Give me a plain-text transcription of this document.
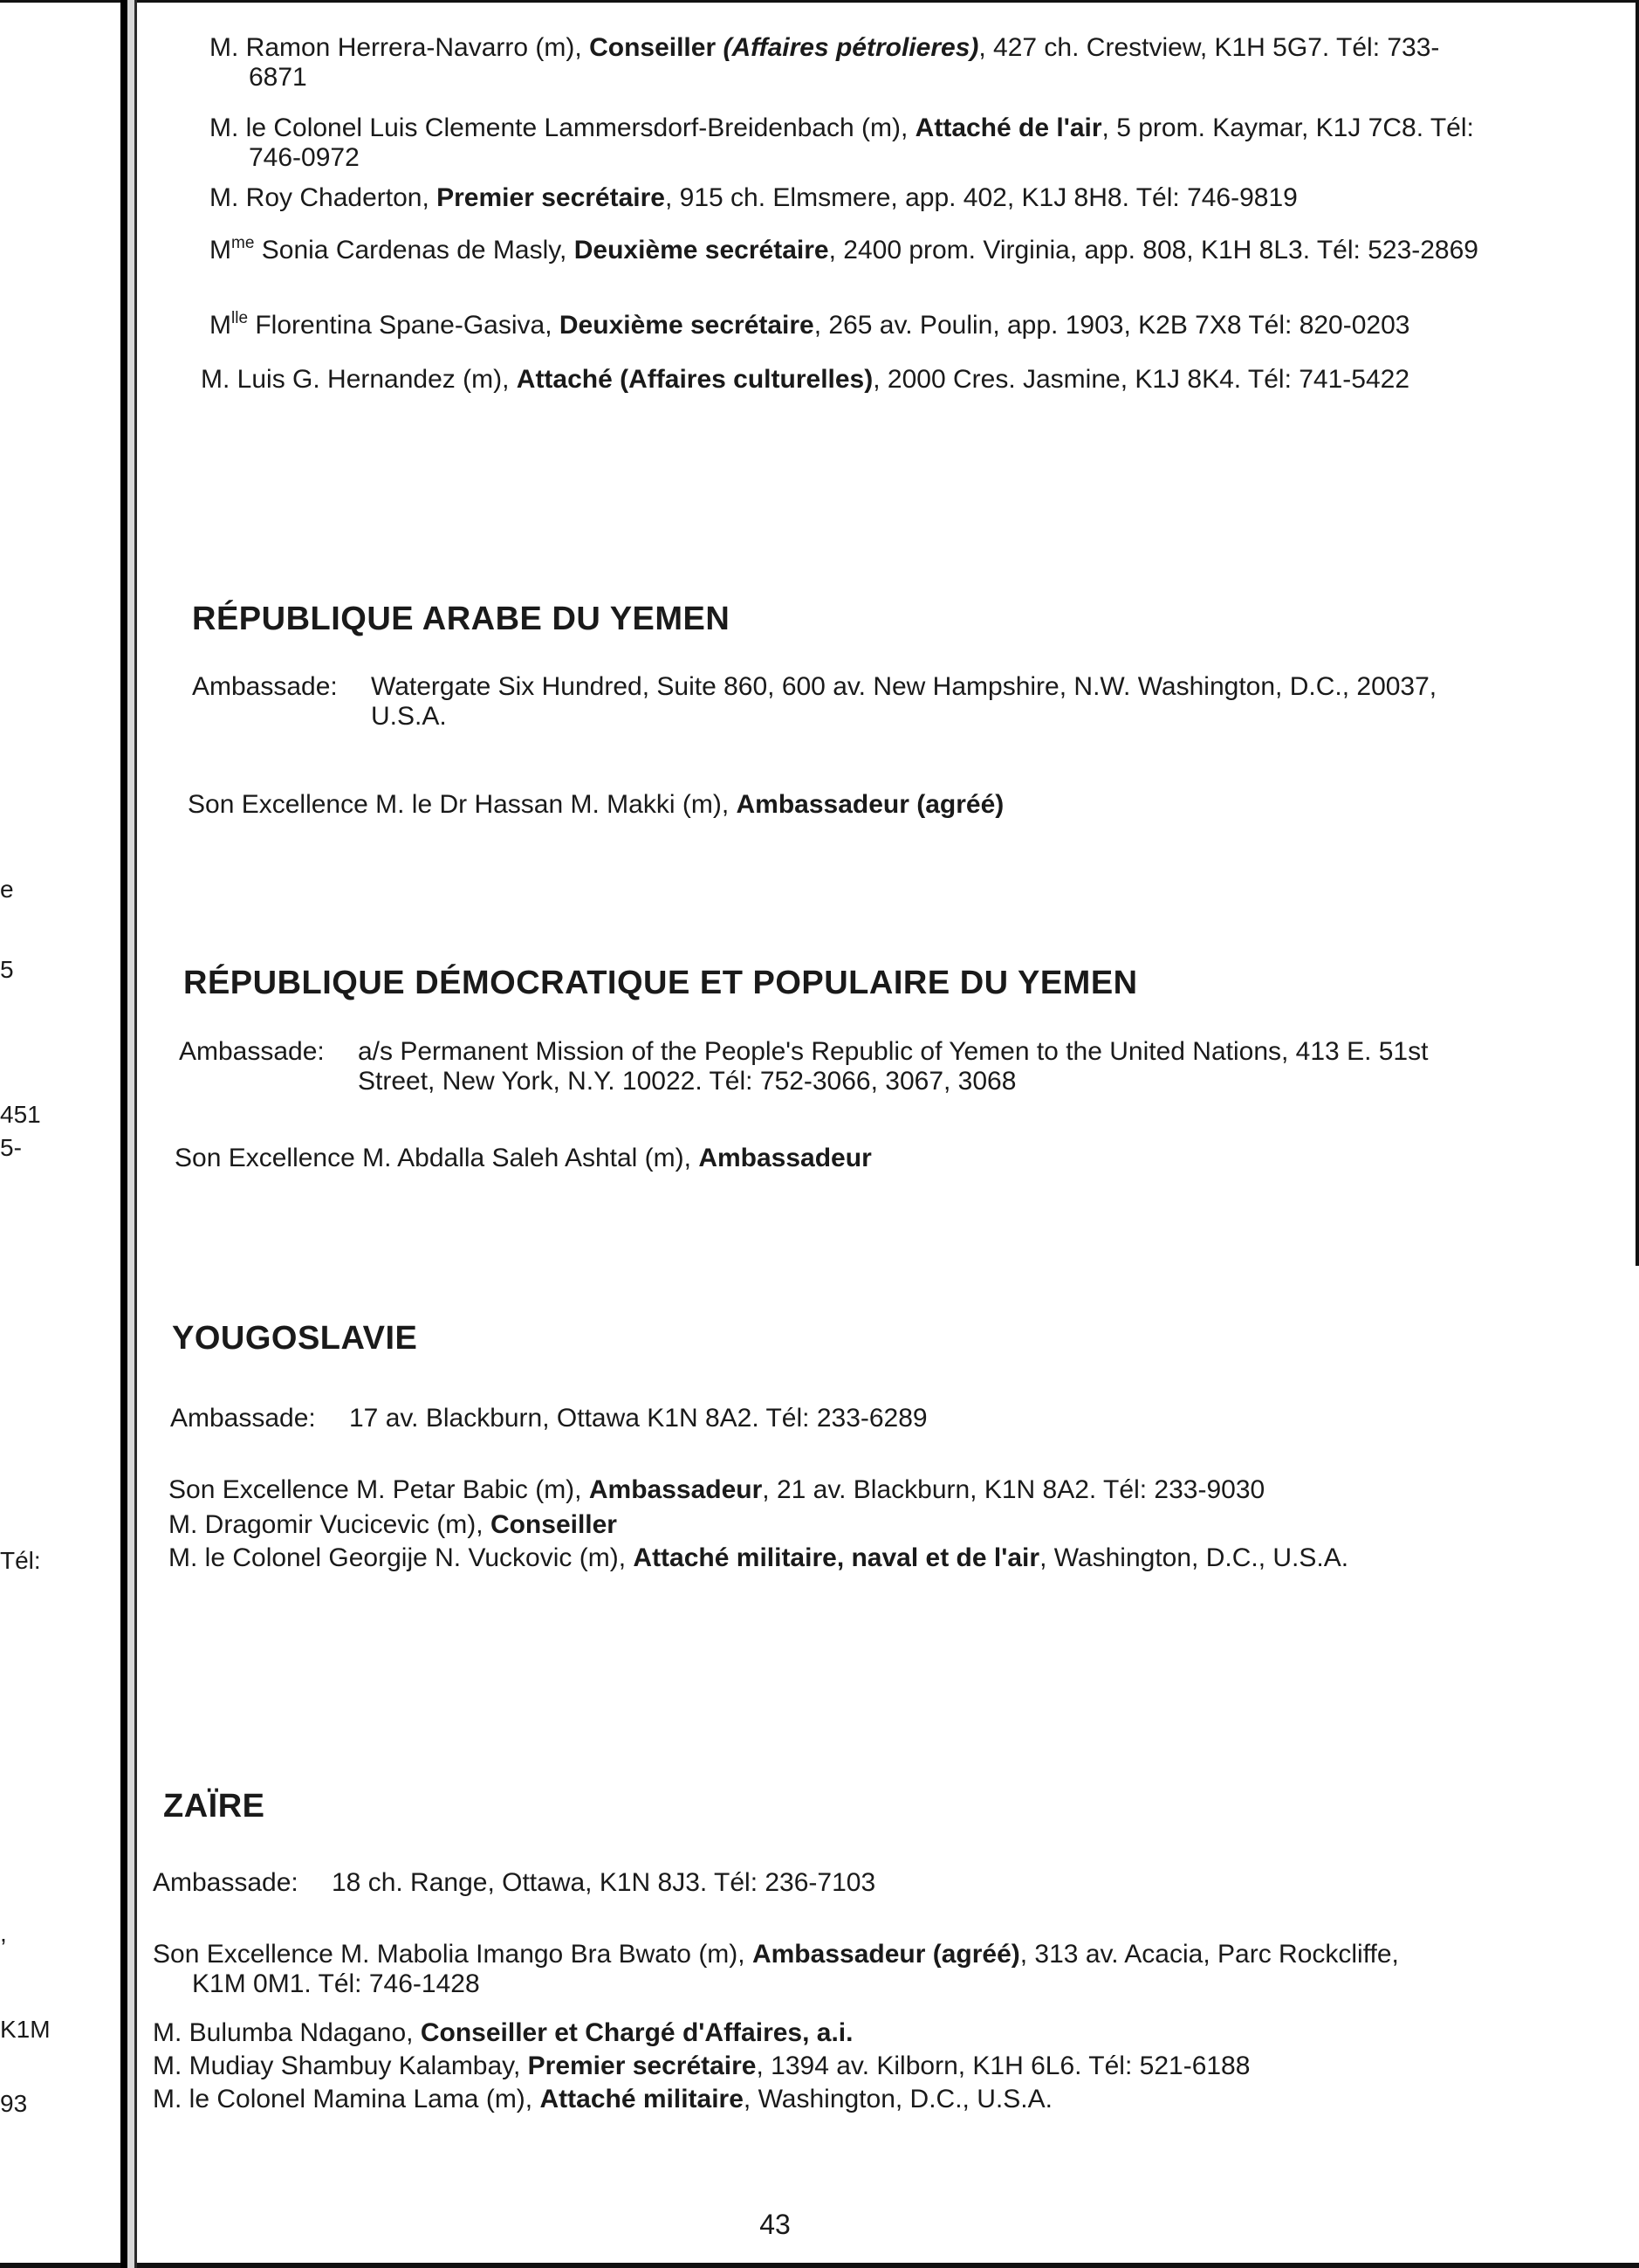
e
5
451
5-
Tél:
,
K1M
93
M. Ramon Herrera-Navarro (m), Conseiller (Affaires pétrolieres), 427 ch. Crestview, K1H 5G7. Tél: 733-6871
M. le Colonel Luis Clemente Lammersdorf-Breidenbach (m), Attaché de l'air, 5 prom. Kaymar, K1J 7C8. Tél: 746-0972
M. Roy Chaderton, Premier secrétaire, 915 ch. Elmsmere, app. 402, K1J 8H8. Tél: 746-9819
$M^{me}$ Sonia Cardenas de Masly, Deuxième secrétaire, 2400 prom. Virginia, app. 808, K1H 8L3. Tél: 523-2869
$M^{lle}$ Florentina Spane-Gasiva, Deuxième secrétaire, 265 av. Poulin, app. 1903, K2B 7X8 Tél: 820-0203
M. Luis G. Hernandez (m), Attaché (Affaires culturelles), 2000 Cres. Jasmine, K1J 8K4. Tél: 741-5422
RÉPUBLIQUE ARABE DU YEMEN
Ambassade:	Watergate Six Hundred, Suite 860, 600 av. New Hampshire, N.W. Washington, D.C., 20037, U.S.A.
Son Excellence M. le Dr Hassan M. Makki (m), Ambassadeur (agréé)
RÉPUBLIQUE DÉMOCRATIQUE ET POPULAIRE DU YEMEN
Ambassade:	a/s Permanent Mission of the People's Republic of Yemen to the United Nations, 413 E. 51st Street, New York, N.Y. 10022. Tél: 752-3066, 3067, 3068
Son Excellence M. Abdalla Saleh Ashtal (m), Ambassadeur
YOUGOSLAVIE
Ambassade:	17 av. Blackburn, Ottawa K1N 8A2. Tél: 233-6289
Son Excellence M. Petar Babic (m), Ambassadeur, 21 av. Blackburn, K1N 8A2. Tél: 233-9030
M. Dragomir Vucicevic (m), Conseiller
M. le Colonel Georgije N. Vuckovic (m), Attaché militaire, naval et de l'air, Washington, D.C., U.S.A.
ZAÏRE
Ambassade:	18 ch. Range, Ottawa, K1N 8J3. Tél: 236-7103
Son Excellence M. Mabolia Imango Bra Bwato (m), Ambassadeur (agréé), 313 av. Acacia, Parc Rockcliffe, K1M 0M1. Tél: 746-1428
M. Bulumba Ndagano, Conseiller et Chargé d'Affaires, a.i.
M. Mudiay Shambuy Kalambay, Premier secrétaire, 1394 av. Kilborn, K1H 6L6. Tél: 521-6188
M. le Colonel Mamina Lama (m), Attaché militaire, Washington, D.C., U.S.A.
43
